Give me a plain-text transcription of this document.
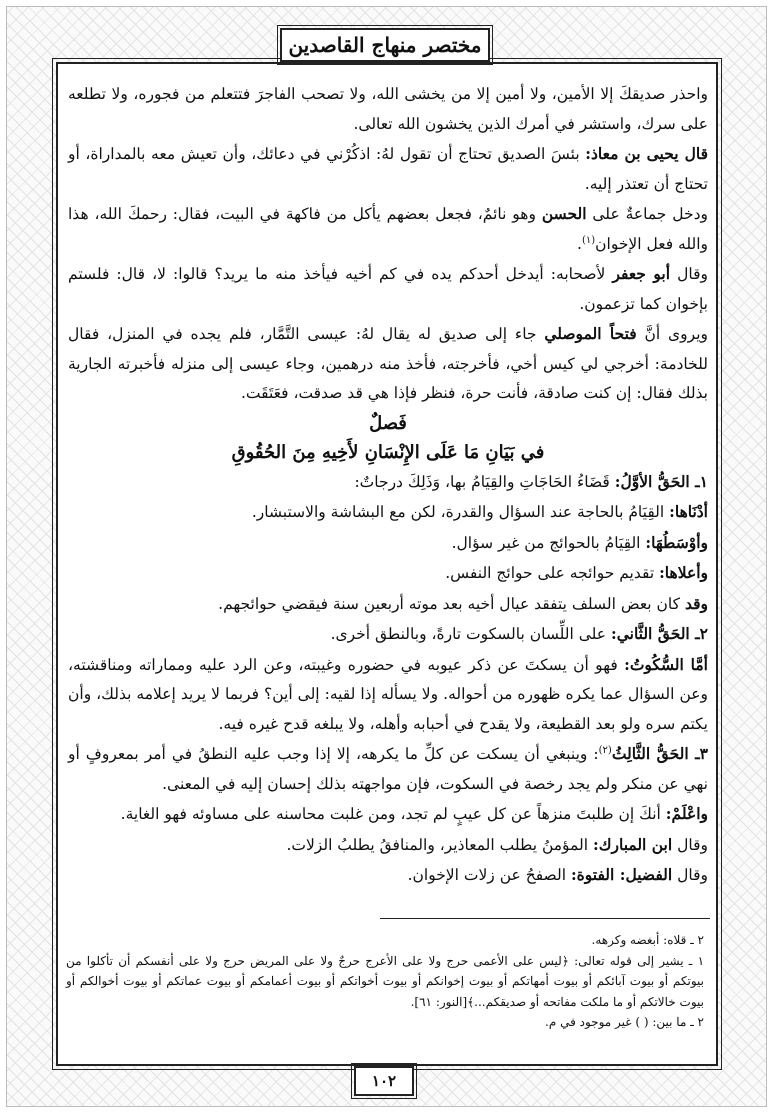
مختصر منهاج القاصدين

واحذر صديقكَ إلا الأمين، ولا أمين إلا من يخشى الله، ولا تصحب الفاجرَ فتتعلم من فجوره، ولا تطلعه على سرك، واستشر في أمرك الذين يخشون الله تعالى.

قال يحيى بن معاذ: بئسَ الصديق تحتاج أن تقول لهُ: اذكُرْني في دعائك، وأن تعيش معه بالمداراة، أو تحتاج أن تعتذر إليه.

ودخل جماعةٌ على الحسن وهو نائمٌ، فجعل بعضهم يأكل من فاكهة في البيت، فقال: رحمكَ الله، هذا والله فعل الإخوان$^{(١)}$.

وقال أبو جعفر لأصحابه: أيدخل أحدكم يده في كم أخيه فيأخذ منه ما يريد؟ قالوا: لا، قال: فلستم بإخوان كما تزعمون.

ويروى أنَّ فتحاً الموصلي جاء إلى صديق له يقال لهُ: عيسى التَّمَّار، فلم يجده في المنزل، فقال للخادمة: أخرجي لي كيس أخي، فأخرجته، فأخذ منه درهمين، وجاء عيسى إلى منزله فأخبرته الجارية بذلك فقال: إن كنت صادقة، فأنت حرة، فنظر فإذا هي قد صدقت، فعَتَقَت.

فَصلٌ
في بَيَانِ مَا عَلَى الإِنْسَانِ لأَخِيهِ مِنَ الحُقُوقِ

١ـ الحَقُّ الأوَّلُ: قَضَاءُ الحَاجَاتِ والقِيَامُ بها، وَذَلِكَ درجاتٌ:

أدْنَاها: القِيَامُ بالحاجة عند السؤال والقدرة، لكن مع البشاشة والاستبشار.

وأوْسَطُهَا: القِيَامُ بالحوائج من غير سؤال.

وأعلاها: تقديم حوائجه على حوائج النفس.

وقد كان بعض السلف يتفقد عيال أخيه بعد موته أربعين سنة فيقضي حوائجهم.

٢ـ الحَقُّ الثَّاني: على اللِّسان بالسكوت تارةً، وبالنطق أخرى.

أمَّا السُّكُوتُ: فهو أن يسكتَ عن ذكر عيوبه في حضوره وغيبته، وعن الرد عليه ومماراته ومناقشته، وعن السؤال عما يكره ظهوره من أحواله. ولا يسأله إذا لقيه: إلى أين؟ فربما لا يريد إعلامه بذلك، وأن يكتم سره ولو بعد القطيعة، ولا يقدح في أحبابه وأهله، ولا يبلغه قدح غيره فيه.

٣ـ الحَقُّ الثَّالِثُ$^{(٢)}$: وينبغي أن يسكت عن كلِّ ما يكرهه، إلا إذا وجب عليه النطقُ في أمر بمعروفٍ أو نهي عن منكر ولم يجد رخصة في السكوت، فإن مواجهته بذلك إحسان إليه في المعنى.

واعْلَمْ: أنكَ إن طلبتَ منزهاً عن كل عيبٍ لم تجد، ومن غلبت محاسنه على مساوئه فهو الغاية.

وقال ابن المبارك: المؤمنُ يطلب المعاذير، والمنافقُ يطلبُ الزلات.

وقال الفضيل: الفتوة: الصفحُ عن زلات الإخوان.

٢ ـ قلاه: أبغضه وكرهه.

١ ـ يشير إلى قوله تعالى: ﴿ليس على الأعمى حرج ولا على الأعرج حرجٌ ولا على المريض حرج ولا على أنفسكم أن تأكلوا من بيوتكم أو بيوت آبائكم أو بيوت أمهاتكم أو بيوت إخوانكم أو بيوت أخواتكم أو بيوت أعمامكم أو بيوت عماتكم أو بيوت أخوالكم أو بيوت خالاتكم أو ما ملكت مفاتحه أو صديقكم...﴾[النور: ٦١].

٢ ـ ما بين: ( ) غير موجود في م.

١٠٢
